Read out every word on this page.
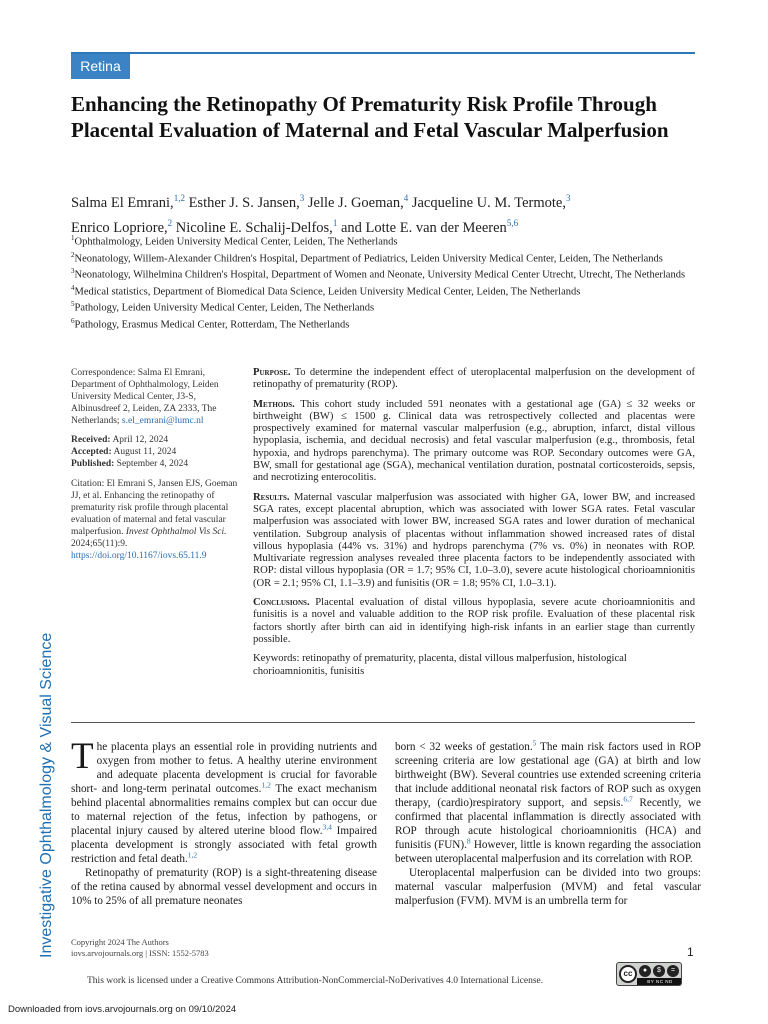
Retina
Investigative Ophthalmology & Visual Science
Enhancing the Retinopathy Of Prematurity Risk Profile Through Placental Evaluation of Maternal and Fetal Vascular Malperfusion
Salma El Emrani,$^{1,2}$ Esther J. S. Jansen,$^3$ Jelle J. Goeman,$^4$ Jacqueline U. M. Termote,$^3$
Enrico Lopriore,$^2$ Nicoline E. Schalij-Delfos,$^1$ and Lotte E. van der Meeren$^{5,6}$
$^1$Ophthalmology, Leiden University Medical Center, Leiden, The Netherlands
$^2$Neonatology, Willem-Alexander Children's Hospital, Department of Pediatrics, Leiden University Medical Center, Leiden, The Netherlands
$^3$Neonatology, Wilhelmina Children's Hospital, Department of Women and Neonate, University Medical Center Utrecht, Utrecht, The Netherlands
$^4$Medical statistics, Department of Biomedical Data Science, Leiden University Medical Center, Leiden, The Netherlands
$^5$Pathology, Leiden University Medical Center, Leiden, The Netherlands
$^6$Pathology, Erasmus Medical Center, Rotterdam, The Netherlands
Correspondence: Salma El Emrani, Department of Ophthalmology, Leiden University Medical Center, J3-S, Albinusdreef 2, Leiden, ZA 2333, The Netherlands; s.el_emrani@lumc.nl
Received: April 12, 2024
Accepted: August 11, 2024
Published: September 4, 2024
Citation: El Emrani S, Jansen EJS, Goeman JJ, et al. Enhancing the retinopathy of prematurity risk profile through placental evaluation of maternal and fetal vascular malperfusion. Invest Ophthalmol Vis Sci. 2024;65(11):9. https://doi.org/10.1167/iovs.65.11.9

Purpose. To determine the independent effect of uteroplacental malperfusion on the development of retinopathy of prematurity (ROP).

Methods. This cohort study included 591 neonates with a gestational age (GA) ≤ 32 weeks or birthweight (BW) ≤ 1500 g. Clinical data was retrospectively collected and placentas were prospectively examined for maternal vascular malperfusion (e.g., abruption, infarct, distal villous hypoplasia, ischemia, and decidual necrosis) and fetal vascular malperfusion (e.g., thrombosis, fetal hypoxia, and hydrops parenchyma). The primary outcome was ROP. Secondary outcomes were GA, BW, small for gestational age (SGA), mechanical ventilation duration, postnatal corticosteroids, sepsis, and necrotizing enterocolitis.

Results. Maternal vascular malperfusion was associated with higher GA, lower BW, and increased SGA rates, except placental abruption, which was associated with lower SGA rates. Fetal vascular malperfusion was associated with lower BW, increased SGA rates and lower duration of mechanical ventilation. Subgroup analysis of placentas without inflammation showed increased rates of distal villous hypoplasia (44% vs. 31%) and hydrops parenchyma (7% vs. 0%) in neonates with ROP. Multivariate regression analyses revealed three placenta factors to be independently associated with ROP: distal villous hypoplasia (OR = 1.7; 95% CI, 1.0–3.0), severe acute histological chorioamnionitis (OR = 2.1; 95% CI, 1.1–3.9) and funisitis (OR = 1.8; 95% CI, 1.0–3.1).

Conclusions. Placental evaluation of distal villous hypoplasia, severe acute chorioamnionitis and funisitis is a novel and valuable addition to the ROP risk profile. Evaluation of these placental risk factors shortly after birth can aid in identifying high-risk infants in an earlier stage than currently possible.

Keywords: retinopathy of prematurity, placenta, distal villous malperfusion, histological chorioamnionitis, funisitis

The placenta plays an essential role in providing nutrients and oxygen from mother to fetus. A healthy uterine environment and adequate placenta development is crucial for favorable short- and long-term perinatal outcomes.$^{1,2}$ The exact mechanism behind placental abnormalities remains complex but can occur due to maternal rejection of the fetus, infection by pathogens, or placental injury caused by altered uterine blood flow.$^{3,4}$ Impaired placenta development is strongly associated with fetal growth restriction and fetal death.$^{1,2}$

Retinopathy of prematurity (ROP) is a sight-threatening disease of the retina caused by abnormal vessel development and occurs in 10% to 25% of all premature neonates

born < 32 weeks of gestation.$^5$ The main risk factors used in ROP screening criteria are low gestational age (GA) at birth and low birthweight (BW). Several countries use extended screening criteria that include additional neonatal risk factors of ROP such as oxygen therapy, (cardio)respiratory support, and sepsis.$^{6,7}$ Recently, we confirmed that placental inflammation is directly associated with ROP through acute histological chorioamnionitis (HCA) and funisitis (FUN).$^8$ However, little is known regarding the association between uteroplacental malperfusion and its correlation with ROP.

Uteroplacental malperfusion can be divided into two groups: maternal vascular malperfusion (MVM) and fetal vascular malperfusion (FVM). MVM is an umbrella term for

Copyright 2024 The Authors
iovs.arvojournals.org | ISSN: 1552-5783	1
This work is licensed under a Creative Commons Attribution-NonCommercial-NoDerivatives 4.0 International License.
cc	●	$	=
BY NC ND
Downloaded from iovs.arvojournals.org on 09/10/2024
